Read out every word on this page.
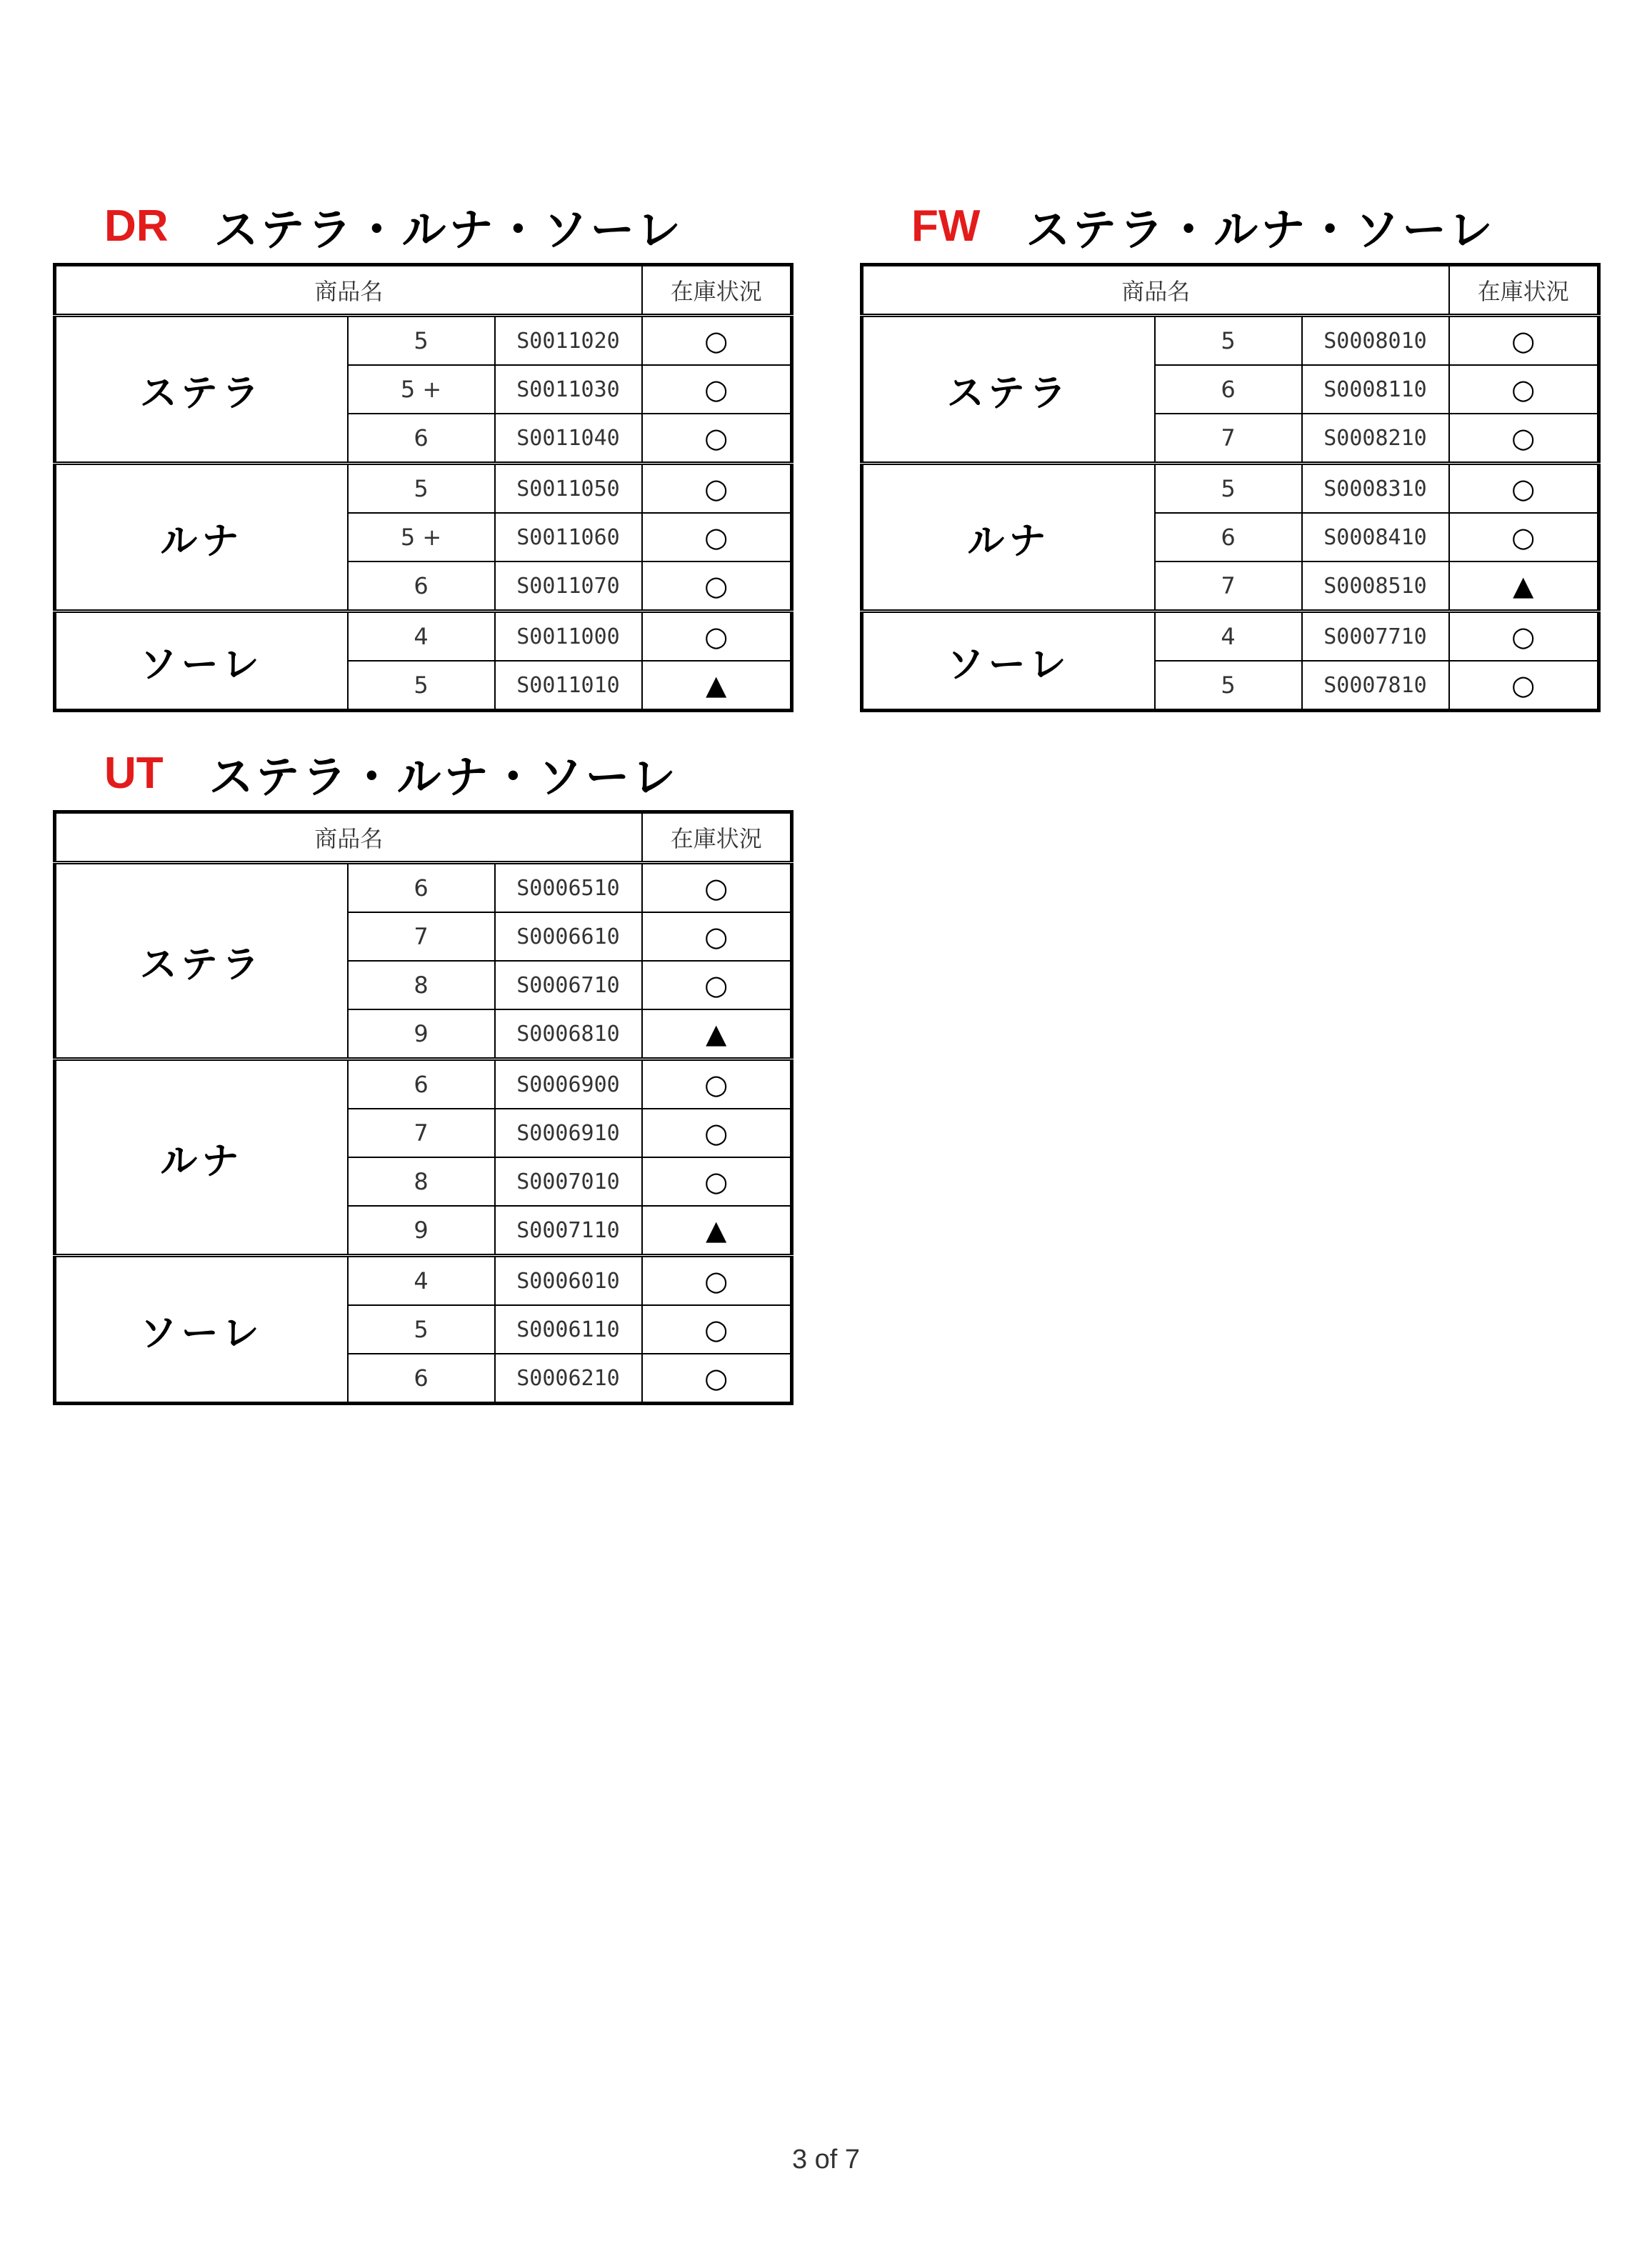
DR ステラ・ルナ・ソーレ
商品名			在庫状況
ステラ	5	S0011020	○
	5 +	S0011030	○
	6	S0011040	○
ルナ	5	S0011050	○
	5 +	S0011060	○
	6	S0011070	○
ソーレ	4	S0011000	○
	5	S0011010	▲
FW ステラ・ルナ・ソーレ
商品名			在庫状況
ステラ	5	S0008010	○
	6	S0008110	○
	7	S0008210	○
ルナ	5	S0008310	○
	6	S0008410	○
	7	S0008510	▲
ソーレ	4	S0007710	○
	5	S0007810	○
UT ステラ・ルナ・ソーレ
商品名			在庫状況
ステラ	6	S0006510	○
	7	S0006610	○
	8	S0006710	○
	9	S0006810	▲
ルナ	6	S0006900	○
	7	S0006910	○
	8	S0007010	○
	9	S0007110	▲
ソーレ	4	S0006010	○
	5	S0006110	○
	6	S0006210	○
3 of 7
